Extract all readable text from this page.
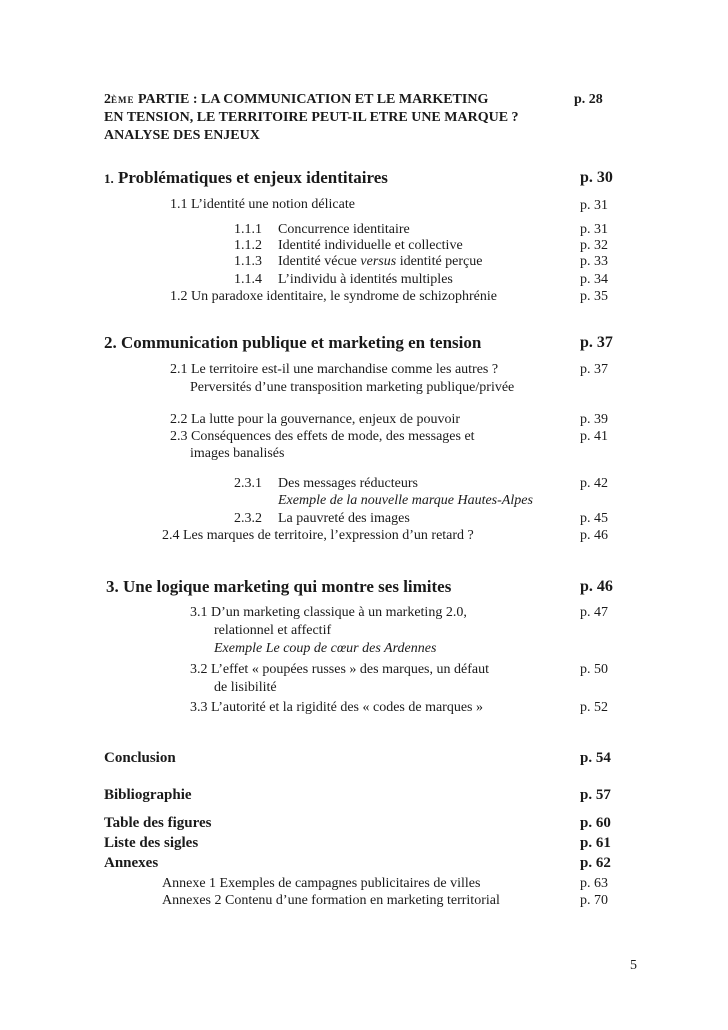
2ÈME PARTIE : LA COMMUNICATION ET LE MARKETING	p. 28
EN TENSION, LE TERRITOIRE PEUT-IL ETRE UNE MARQUE ?
ANALYSE DES ENJEUX
1. Problématiques et enjeux identitaires	p. 30
1.1 L’identité une notion délicate	p. 31
1.1.1 Concurrence identitaire	p. 31
1.1.2 Identité individuelle et collective	p. 32
1.1.3 Identité vécue versus identité perçue	p. 33
1.1.4 L’individu à identités multiples	p. 34
1.2 Un paradoxe identitaire, le syndrome de schizophrénie	p. 35
2. Communication publique et marketing en tension	p. 37
2.1 Le territoire est-il une marchandise comme les autres ?	p. 37
Perversités d’une transposition marketing publique/privée
2.2 La lutte pour la gouvernance, enjeux de pouvoir	p. 39
2.3 Conséquences des effets de mode, des messages et	p. 41
images banalisés
2.3.1 Des messages réducteurs	p. 42
Exemple de la nouvelle marque Hautes-Alpes
2.3.2 La pauvreté des images	p. 45
2.4 Les marques de territoire, l’expression d’un retard ?	p. 46
3. Une logique marketing qui montre ses limites	p. 46
3.1 D’un marketing classique à un marketing 2.0,	p. 47
relationnel et affectif
Exemple Le coup de cœur des Ardennes
3.2 L’effet « poupées russes » des marques, un défaut	p. 50
de lisibilité
3.3 L’autorité et la rigidité des « codes de marques »	p. 52
Conclusion	p. 54
Bibliographie	p. 57
Table des figures	p. 60
Liste des sigles	p. 61
Annexes	p. 62
Annexe 1 Exemples de campagnes publicitaires de villes	p. 63
Annexes 2 Contenu d’une formation en marketing territorial	p. 70
5
